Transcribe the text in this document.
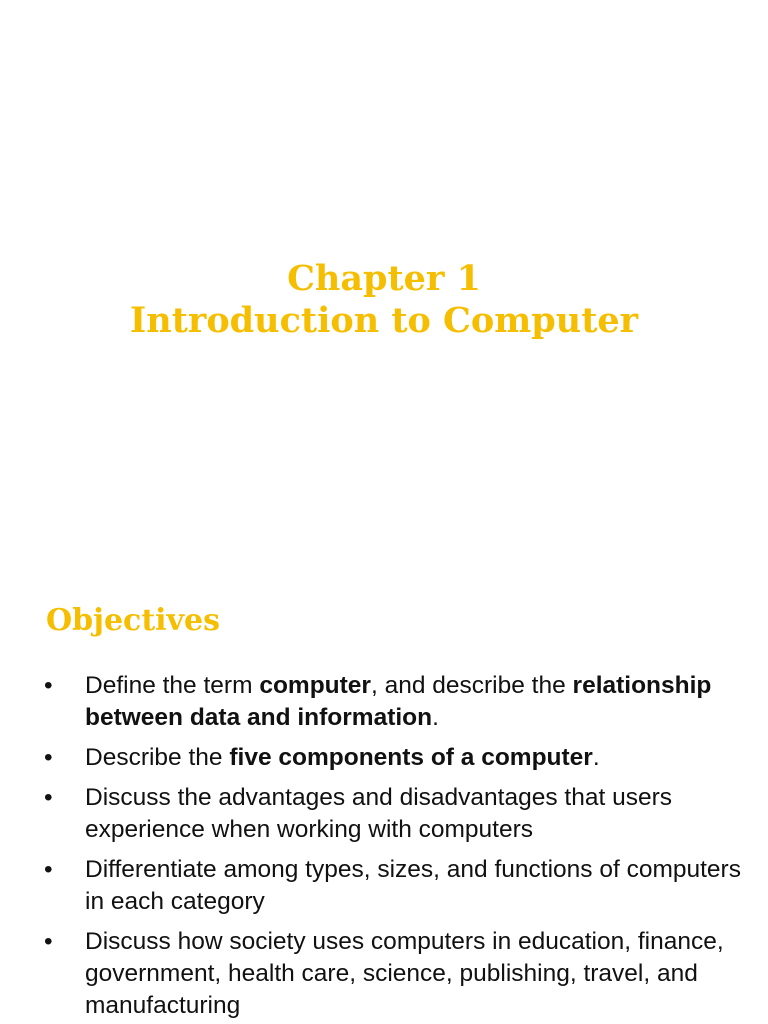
Chapter 1
Introduction to Computer
Objectives
•	Define the term computer, and describe the relationship between data and information.
•	Describe the five components of a computer.
•	Discuss the advantages and disadvantages that users experience when working with computers
•	Differentiate among types, sizes, and functions of computers in each category
•	Discuss how society uses computers in education, finance, government, health care, science, publishing, travel, and manufacturing
